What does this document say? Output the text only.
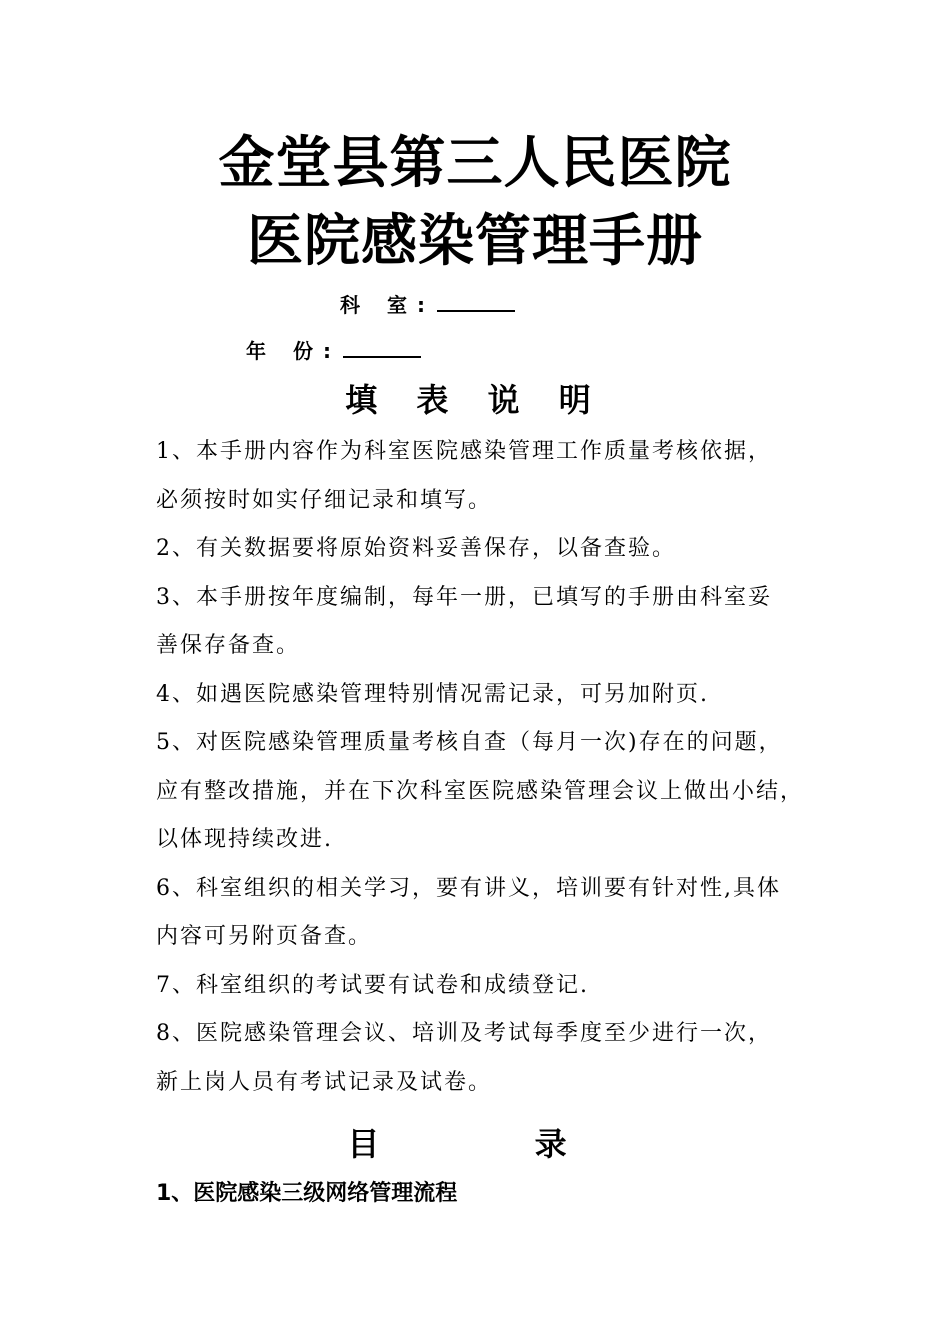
金堂县第三人民医院
医院感染管理手册
科 室:
年 份:
填 表 说 明
1、本手册内容作为科室医院感染管理工作质量考核依据，
必须按时如实仔细记录和填写。
2、有关数据要将原始资料妥善保存，以备查验。
3、本手册按年度编制，每年一册，已填写的手册由科室妥
善保存备查。
4、如遇医院感染管理特别情况需记录，可另加附页.
5、对医院感染管理质量考核自查（每月一次)存在的问题，
应有整改措施，并在下次科室医院感染管理会议上做出小结，
以体现持续改进.
6、科室组织的相关学习，要有讲义，培训要有针对性,具体
内容可另附页备查。
7、科室组织的考试要有试卷和成绩登记.
8、医院感染管理会议、培训及考试每季度至少进行一次，
新上岗人员有考试记录及试卷。
目 录
1、医院感染三级网络管理流程
